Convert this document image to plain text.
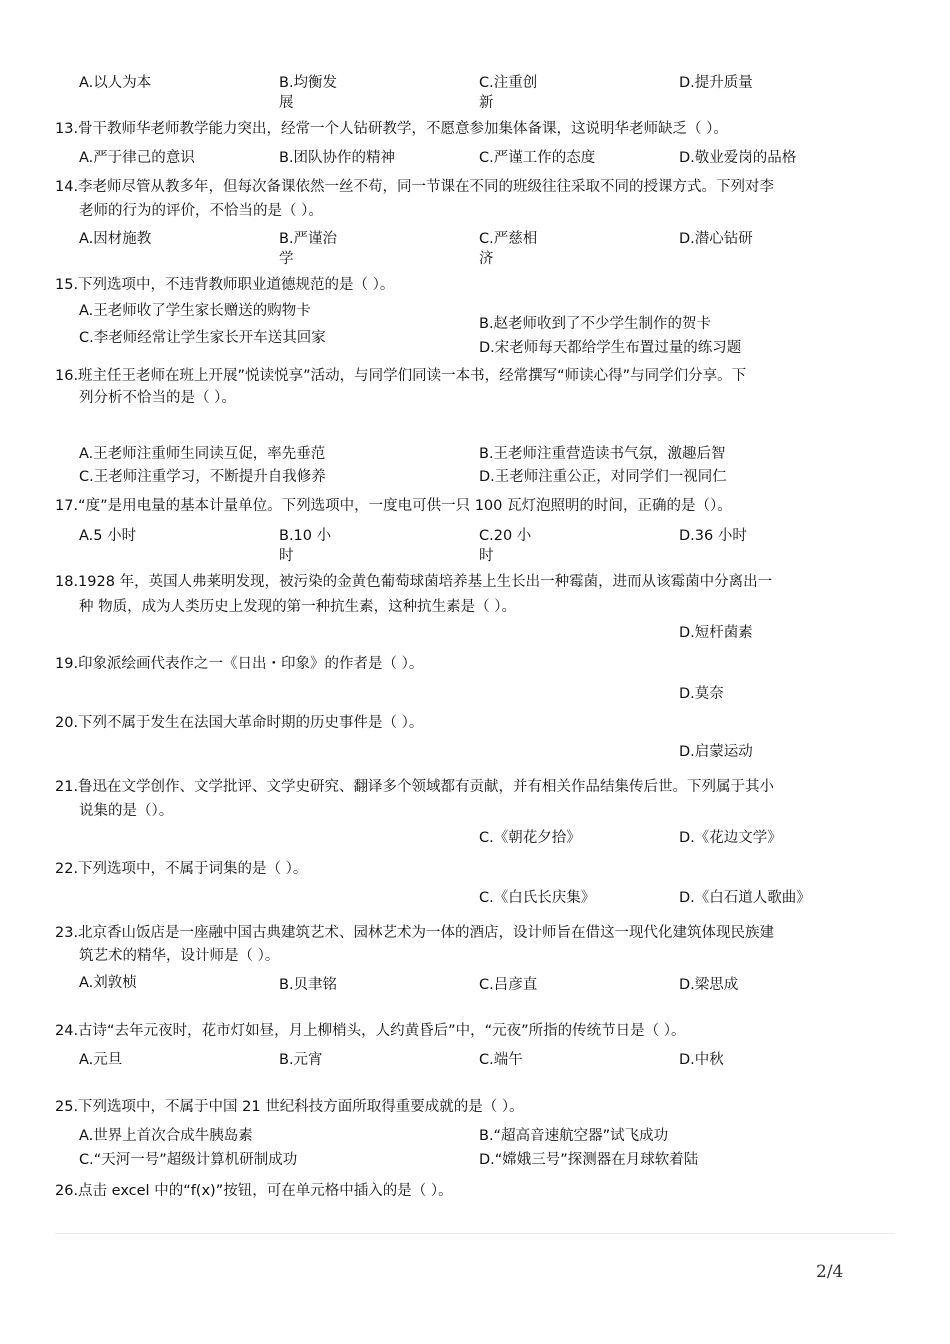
A.以人为本	B.均衡发展
C.注重创新
D.提升质量
13.骨干教师华老师教学能力突出，经常一个人钻研教学，不愿意参加集体备课，这说明华老师缺乏（ ）。
A.严于律己的意识	B.团队协作的精神	C.严谨工作的态度	D.敬业爱岗的品格
14.李老师尽管从教多年，但每次备课依然一丝不苟，同一节课在不同的班级往往采取不同的授课方式。下列对李
老师的行为的评价，不恰当的是（ ）。
A.因材施教	B.严谨治学
C.严慈相济
D.潜心钻研
15.下列选项中，不违背教师职业道德规范的是（ ）。
A.王老师收了学生家长赠送的购物卡
B.赵老师收到了不少学生制作的贺卡
C.李老师经常让学生家长开车送其回家
D.宋老师每天都给学生布置过量的练习题
16.班主任王老师在班上开展”悦读悦享”活动，与同学们同读一本书，经常撰写“师读心得”与同学们分享。下
列分析不恰当的是（ ）。
A.王老师注重师生同读互促，率先垂范	B.王老师注重营造读书气氛，激趣后智
C.王老师注重学习，不断提升自我修养	D.王老师注重公正，对同学们一视同仁
17.“度”是用电量的基本计量单位。下列选项中，一度电可供一只 100 瓦灯泡照明的时间，正确的是（）。
A.5 小时	B.10 小时
C.20 小时
D.36 小时
18.1928 年，英国人弗莱明发现，被污染的金黄色葡萄球菌培养基上生长出一种霉菌，进而从该霉菌中分离出一
种 物质，成为人类历史上发现的第一种抗生素，这种抗生素是（ ）。
D.短杆菌素
19.印象派绘画代表作之一《日出・印象》的作者是（ ）。
D.莫奈
20.下列不属于发生在法国大革命时期的历史事件是（ ）。
D.启蒙运动
21.鲁迅在文学创作、文学批评、文学史研究、翻译多个领域都有贡献，并有相关作品结集传后世。下列属于其小
说集的是（）。
C.《朝花夕拾》	D.《花边文学》
22.下列选项中，不属于词集的是（ ）。
C.《白氏长庆集》	D.《白石道人歌曲》
23.北京香山饭店是一座融中国古典建筑艺术、园林艺术为一体的酒店，设计师旨在借这一现代化建筑体现民族建
筑艺术的精华，设计师是（ ）。
A.刘敦桢	B.贝聿铭	C.吕彦直	D.梁思成
24.古诗“去年元夜时，花市灯如昼，月上柳梢头，人约黄昏后”中，“元夜”所指的传统节日是（ ）。
A.元旦	B.元宵	C.端午	D.中秋
25.下列选项中，不属于中国 21 世纪科技方面所取得重要成就的是（ ）。
A.世界上首次合成牛胰岛素	B.“超高音速航空器”试飞成功
C.“天河一号”超级计算机研制成功	D.“嫦娥三号”探测器在月球软着陆
26.点击 excel 中的“f(x)”按钮，可在单元格中插入的是（ ）。
2/4
